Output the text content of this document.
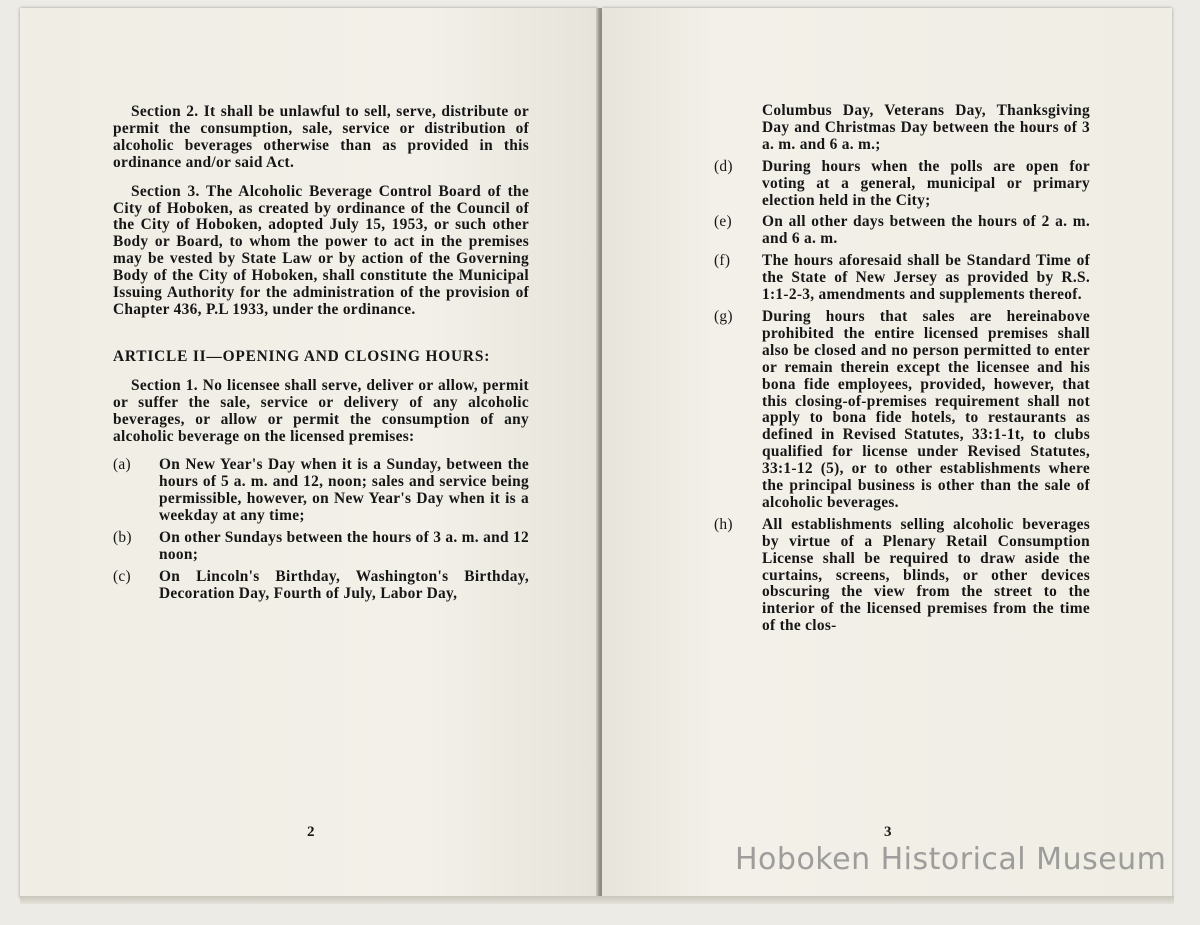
Section 2. It shall be unlawful to sell, serve, distribute or permit the consumption, sale, service or distribution of alcoholic beverages otherwise than as provided in this ordinance and/or said Act.

Section 3. The Alcoholic Beverage Control Board of the City of Hoboken, as created by ordinance of the Council of the City of Hoboken, adopted July 15, 1953, or such other Body or Board, to whom the power to act in the premises may be vested by State Law or by action of the Governing Body of the City of Hoboken, shall constitute the Municipal Issuing Authority for the administration of the provision of Chapter 436, P.L 1933, under the ordinance.

ARTICLE II—OPENING AND CLOSING HOURS:

Section 1. No licensee shall serve, deliver or allow, permit or suffer the sale, service or delivery of any alcoholic beverages, or allow or permit the consumption of any alcoholic beverage on the licensed premises:

(a)	On New Year's Day when it is a Sunday, between the hours of 5 a. m. and 12, noon; sales and service being permissible, however, on New Year's Day when it is a weekday at any time;
(b)	On other Sundays between the hours of 3 a. m. and 12 noon;
(c)	On Lincoln's Birthday, Washington's Birthday, Decoration Day, Fourth of July, Labor Day,
2

Columbus Day, Veterans Day, Thanksgiving Day and Christmas Day between the hours of 3 a. m. and 6 a. m.;

(d)	During hours when the polls are open for voting at a general, municipal or primary election held in the City;
(e)	On all other days between the hours of 2 a. m. and 6 a. m.
(f)	The hours aforesaid shall be Standard Time of the State of New Jersey as provided by R.S. 1:1-2-3, amendments and supplements thereof.
(g)	During hours that sales are hereinabove prohibited the entire licensed premises shall also be closed and no person permitted to enter or remain therein except the licensee and his bona fide employees, provided, however, that this closing-of-premises requirement shall not apply to bona fide hotels, to restaurants as defined in Revised Statutes, 33:1-1t, to clubs qualified for license under Revised Statutes, 33:1-12 (5), or to other establishments where the principal business is other than the sale of alcoholic beverages.
(h)	All establishments selling alcoholic beverages by virtue of a Plenary Retail Consumption License shall be required to draw aside the curtains, screens, blinds, or other devices obscuring the view from the street to the interior of the licensed premises from the time of the clos-
3
Hoboken Historical Museum
